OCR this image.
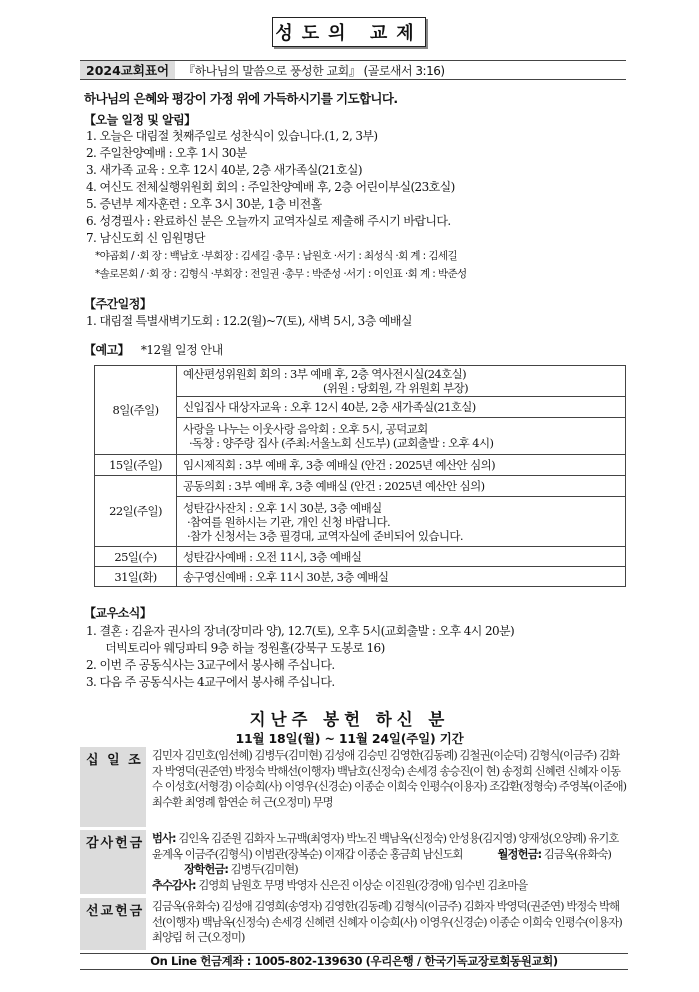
성도의 교제
2024교회표어	『하나님의 말씀으로 풍성한 교회』 (골로새서 3:16)
하나님의 은혜와 평강이 가정 위에 가득하시기를 기도합니다.
【오늘 일정 및 알림】
1. 오늘은 대림절 첫째주일로 성찬식이 있습니다.(1, 2, 3부)
2. 주일찬양예배 : 오후 1시 30분
3. 새가족 교육 : 오후 12시 40분, 2층 새가족실(21호실)
4. 여신도 전체실행위원회 회의 : 주일찬양예배 후, 2층 어린이부실(23호실)
5. 증년부 제자훈련 : 오후 3시 30분, 1층 비전홀
6. 성경필사 : 완료하신 분은 오늘까지 교역자실로 제출해 주시기 바랍니다.
7. 남신도회 신 임원명단
*야곱회 / ·회 장 : 백남호 ·부회장 : 김세길 ·총무 : 남원호 ·서기 : 최성식 ·회 계 : 김세길
*솔로몬회 / ·회 장 : 김형식 ·부회장 : 전일권 ·총무 : 박준성 ·서기 : 이인표 ·회 계 : 박준성
【주간일정】
1. 대림절 특별새벽기도회 : 12.2(월)~7(토), 새벽 5시, 3층 예배실
【예고】 *12월 일정 안내
8일(주일)	예산편성위원회 회의 : 3부 예배 후, 2층 역사전시실(24호실)
(위원 : 당회원, 각 위원회 부장)

	신입집사 대상자교육 : 오후 12시 40분, 2층 새가족실(21호실)
	사랑을 나누는 이웃사랑 음악회 : 오후 5시, 공덕교회
·독창 : 양주랑 집사 (주최:서울노회 신도부) (교회출발 : 오후 4시)
15일(주일)	임시제직회 : 3부 예배 후, 3층 예배실 (안건 : 2025년 예산안 심의)
22일(주일)	공동의회 : 3부 예배 후, 3층 예배실 (안건 : 2025년 예산안 심의)
	성탄감사잔치 : 오후 1시 30분, 3층 예배실
·참여를 원하시는 기관, 개인 신청 바랍니다.
·참가 신청서는 3층 필경대, 교역자실에 준비되어 있습니다.
25일(수)	성탄감사예배 : 오전 11시, 3층 예배실
31일(화)	송구영신예배 : 오후 11시 30분, 3층 예배실
【교우소식】
1. 결혼 : 김윤자 권사의 장녀(장미라 양), 12.7(토), 오후 5시(교회출발 : 오후 4시 20분)
더빅토리아 웨딩파티 9층 하늘 정원홀(강북구 도봉로 16)
2. 이번 주 공동식사는 3교구에서 봉사해 주십니다.
3. 다음 주 공동식사는 4교구에서 봉사해 주십니다.
지난주 봉헌 하신 분
11월 18일(월) ~ 11월 24일(주일) 기간
십 일 조 김민자 김민호(임선혜) 김병두(김미현) 김성애 김승민 김영한(김동례) 김철권(이순덕) 김형식(이금주) 김화자 박영덕(권준연) 박정숙 박해선(이행자) 백남호(신정숙) 손세경 송승진(이 현) 송정희 신혜련 신혜자 이동수 이성호(서형경) 이승희(사) 이영우(신경순) 이종순 이희숙 인평수(이용자) 조갑환(정형숙) 주영복(이준애) 최수환 최영례 함연순 허 근(오정미) 무명
감사헌금 범사: 김인옥 김준원 김화자 노규백(최영자) 박노진 백남옥(신정숙) 안성용(김지영) 양재성(오양례) 유기호 윤계옥 이금주(김형식) 이범관(장복순) 이재갑 이종순 홍금희 남신도회	월정헌금: 김금옥(유화숙)             장학헌금: 김병두(김미현)
추수감사: 김영희 남원호 무명 박영자 신은진 이상순 이진원(강경애) 임수빈 김초마을
선교헌금 김금옥(유화숙) 김성애 김영희(송영자) 김영한(김동례) 김형식(이금주) 김화자 박영덕(권준연) 박정숙 박해선(이행자) 백남옥(신정숙) 손세경 신혜련 신혜자 이승희(사) 이영우(신경순) 이종순 이희숙 인평수(이용자) 최양림 허 근(오정미)
On Line 헌금계좌 : 1005-802-139630 (우리은행 / 한국기독교장로회동원교회)
